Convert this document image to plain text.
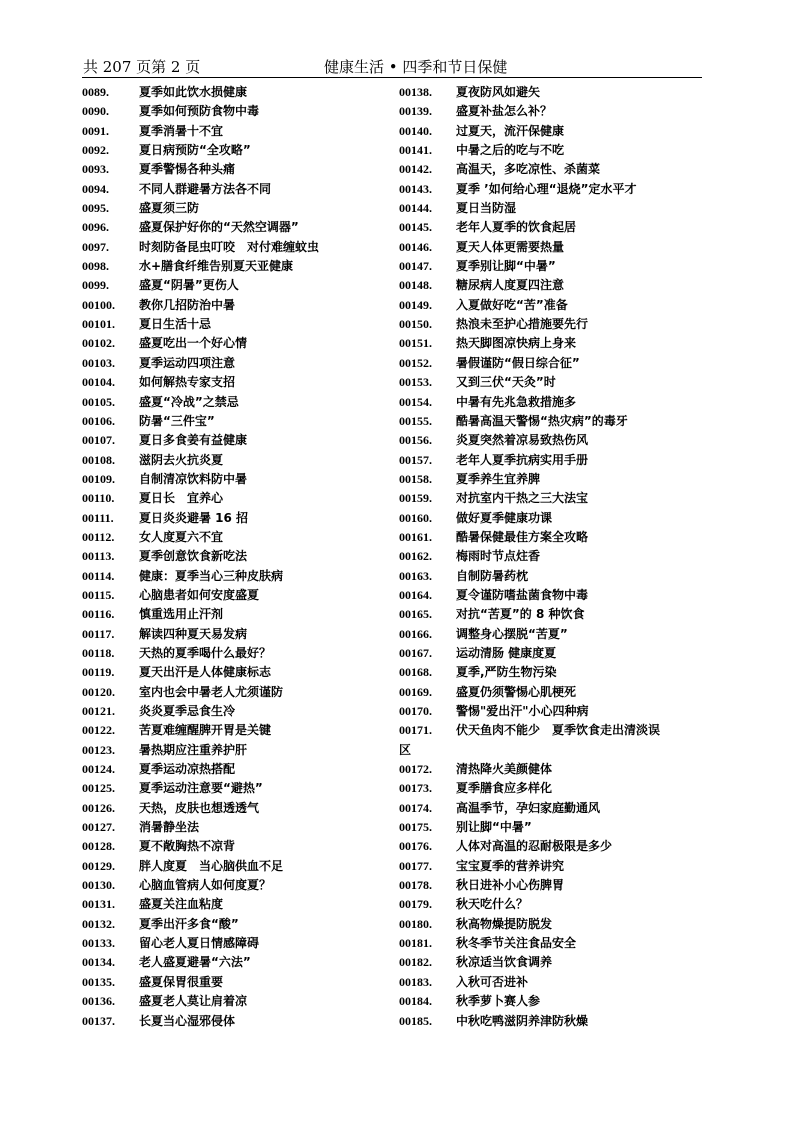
共 207 页第 2 页	健康生活 • 四季和节日保健
0089.	夏季如此饮水损健康
0090.	夏季如何预防食物中毒
0091.	夏季消暑十不宜
0092.	夏日病预防“全攻略”
0093.	夏季警惕各种头痛
0094.	不同人群避暑方法各不同
0095.	盛夏须三防
0096.	盛夏保护好你的“天然空调器”
0097.	时刻防备昆虫叮咬　对付难缠蚊虫
0098.	水+膳食纤维告别夏天亚健康
0099.	盛夏“阴暑”更伤人
00100.	教你几招防治中暑
00101.	夏日生活十忌
00102.	盛夏吃出一个好心情
00103.	夏季运动四项注意
00104.	如何解热专家支招
00105.	盛夏“冷战”之禁忌
00106.	防暑“三件宝”
00107.	夏日多食姜有益健康
00108.	滋阴去火抗炎夏
00109.	自制清凉饮料防中暑
00110.	夏日长　宜养心
00111.	夏日炎炎避暑 16 招
00112.	女人度夏六不宜
00113.	夏季创意饮食新吃法
00114.	健康：夏季当心三种皮肤病
00115.	心脑患者如何安度盛夏
00116.	慎重选用止汗剂
00117.	解读四种夏天易发病
00118.	天热的夏季喝什么最好？
00119.	夏天出汗是人体健康标志
00120.	室内也会中暑老人尤须谨防
00121.	炎炎夏季忌食生冷
00122.	苦夏难缠醒脾开胃是关键
00123.	暑热期应注重养护肝
00124.	夏季运动凉热搭配
00125.	夏季运动注意要“避热”
00126.	天热，皮肤也想透透气
00127.	消暑静坐法
00128.	夏不敞胸热不凉背
00129.	胖人度夏　当心脑供血不足
00130.	心脑血管病人如何度夏？
00131.	盛夏关注血粘度
00132.	夏季出汗多食“酸”
00133.	留心老人夏日情感障碍
00134.	老人盛夏避暑“六法”
00135.	盛夏保胃很重要
00136.	盛夏老人莫让肩着凉
00137.	长夏当心湿邪侵体
00138.	夏夜防风如避矢
00139.	盛夏补盐怎么补？
00140.	过夏天，流汗保健康
00141.	中暑之后的吃与不吃
00142.	高温天，多吃凉性、杀菌菜
00143.	夏季 ’如何给心理“退烧”定水平才
00144.	夏日当防湿
00145.	老年人夏季的饮食起居
00146.	夏天人体更需要热量
00147.	夏季别让脚“中暑”
00148.	糖尿病人度夏四注意
00149.	入夏做好吃“苦”准备
00150.	热浪未至护心措施要先行
00151.	热天脚图凉快病上身来
00152.	暑假谨防“假日综合征”
00153.	又到三伏“天灸”时
00154.	中暑有先兆急救措施多
00155.	酷暑高温天警惕“热灾病”的毒牙
00156.	炎夏突然着凉易致热伤风
00157.	老年人夏季抗病实用手册
00158.	夏季养生宜养脾
00159.	对抗室内干热之三大法宝
00160.	做好夏季健康功课
00161.	酷暑保健最佳方案全攻略
00162.	梅雨时节点炷香
00163.	自制防暑药枕
00164.	夏令谨防嗜盐菌食物中毒
00165.	对抗“苦夏”的 8 种饮食
00166.	调整身心摆脱“苦夏”
00167.	运动清肠 健康度夏
00168.	夏季,严防生物污染
00169.	盛夏仍须警惕心肌梗死
00170.	警惕"爱出汗"小心四种病
00171.	伏天鱼肉不能少　夏季饮食走出清淡误
区
00172.	清热降火美颜健体
00173.	夏季膳食应多样化
00174.	高温季节，孕妇家庭勤通风
00175.	别让脚“中暑”
00176.	人体对高温的忍耐极限是多少
00177.	宝宝夏季的营养讲究
00178.	秋日进补小心伤脾胃
00179.	秋天吃什么？
00180.	秋高物燥提防脱发
00181.	秋冬季节关注食品安全
00182.	秋凉适当饮食调养
00183.	入秋可否进补
00184.	秋季萝卜赛人参
00185.	中秋吃鸭滋阴养津防秋燥
